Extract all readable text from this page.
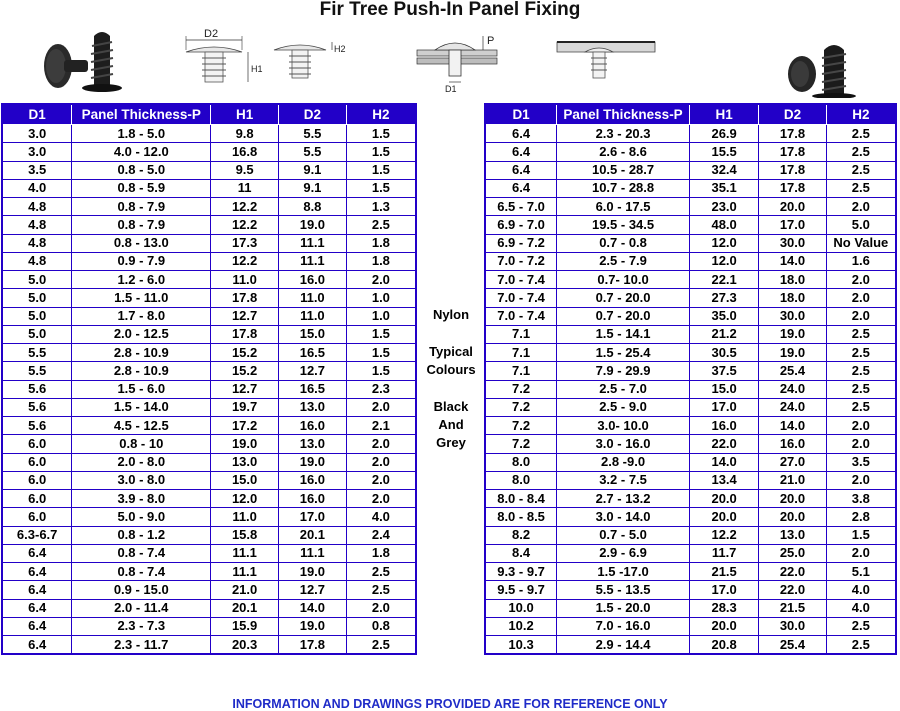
Fir Tree Push-In Panel Fixing
D2
H1
H2
P
D1
D1	Panel Thickness-P	H1	D2	H2
3.0	1.8 - 5.0	9.8	5.5	1.5
3.0	4.0 - 12.0	16.8	5.5	1.5
3.5	0.8 - 5.0	9.5	9.1	1.5
4.0	0.8 - 5.9	11	9.1	1.5
4.8	0.8 - 7.9	12.2	8.8	1.3
4.8	0.8 - 7.9	12.2	19.0	2.5
4.8	0.8 - 13.0	17.3	11.1	1.8
4.8	0.9 - 7.9	12.2	11.1	1.8
5.0	1.2 - 6.0	11.0	16.0	2.0
5.0	1.5 - 11.0	17.8	11.0	1.0
5.0	1.7 - 8.0	12.7	11.0	1.0
5.0	2.0 - 12.5	17.8	15.0	1.5
5.5	2.8 - 10.9	15.2	16.5	1.5
5.5	2.8 - 10.9	15.2	12.7	1.5
5.6	1.5 - 6.0	12.7	16.5	2.3
5.6	1.5 - 14.0	19.7	13.0	2.0
5.6	4.5 - 12.5	17.2	16.0	2.1
6.0	0.8 - 10	19.0	13.0	2.0
6.0	2.0 - 8.0	13.0	19.0	2.0
6.0	3.0 - 8.0	15.0	16.0	2.0
6.0	3.9 - 8.0	12.0	16.0	2.0
6.0	5.0 - 9.0	11.0	17.0	4.0
6.3-6.7	0.8 - 1.2	15.8	20.1	2.4
6.4	0.8 - 7.4	11.1	11.1	1.8
6.4	0.8 - 7.4	11.1	19.0	2.5
6.4	0.9 - 15.0	21.0	12.7	2.5
6.4	2.0 - 11.4	20.1	14.0	2.0
6.4	2.3 - 7.3	15.9	19.0	0.8
6.4	2.3 - 11.7	20.3	17.8	2.5
D1	Panel Thickness-P	H1	D2	H2
6.4	2.3 - 20.3	26.9	17.8	2.5
6.4	2.6 - 8.6	15.5	17.8	2.5
6.4	10.5 - 28.7	32.4	17.8	2.5
6.4	10.7 - 28.8	35.1	17.8	2.5
6.5 - 7.0	6.0 - 17.5	23.0	20.0	2.0
6.9 - 7.0	19.5 - 34.5	48.0	17.0	5.0
6.9 - 7.2	0.7 - 0.8	12.0	30.0	No Value
7.0 - 7.2	2.5 - 7.9	12.0	14.0	1.6
7.0 - 7.4	0.7- 10.0	22.1	18.0	2.0
7.0 - 7.4	0.7 - 20.0	27.3	18.0	2.0
7.0 - 7.4	0.7 - 20.0	35.0	30.0	2.0
7.1	1.5 - 14.1	21.2	19.0	2.5
7.1	1.5 - 25.4	30.5	19.0	2.5
7.1	7.9 - 29.9	37.5	25.4	2.5
7.2	2.5 - 7.0	15.0	24.0	2.5
7.2	2.5 - 9.0	17.0	24.0	2.5
7.2	3.0- 10.0	16.0	14.0	2.0
7.2	3.0 - 16.0	22.0	16.0	2.0
8.0	2.8 -9.0	14.0	27.0	3.5
8.0	3.2 - 7.5	13.4	21.0	2.0
8.0 - 8.4	2.7 - 13.2	20.0	20.0	3.8
8.0 - 8.5	3.0 - 14.0	20.0	20.0	2.8
8.2	0.7 - 5.0	12.2	13.0	1.5
8.4	2.9 - 6.9	11.7	25.0	2.0
9.3 - 9.7	1.5 -17.0	21.5	22.0	5.1
9.5 - 9.7	5.5 - 13.5	17.0	22.0	4.0
10.0	1.5 - 20.0	28.3	21.5	4.0
10.2	7.0 - 16.0	20.0	30.0	2.5
10.3	2.9 - 14.4	20.8	25.4	2.5
Nylon
Typical
Colours
Black
And
Grey
INFORMATION AND DRAWINGS PROVIDED ARE FOR REFERENCE ONLY
